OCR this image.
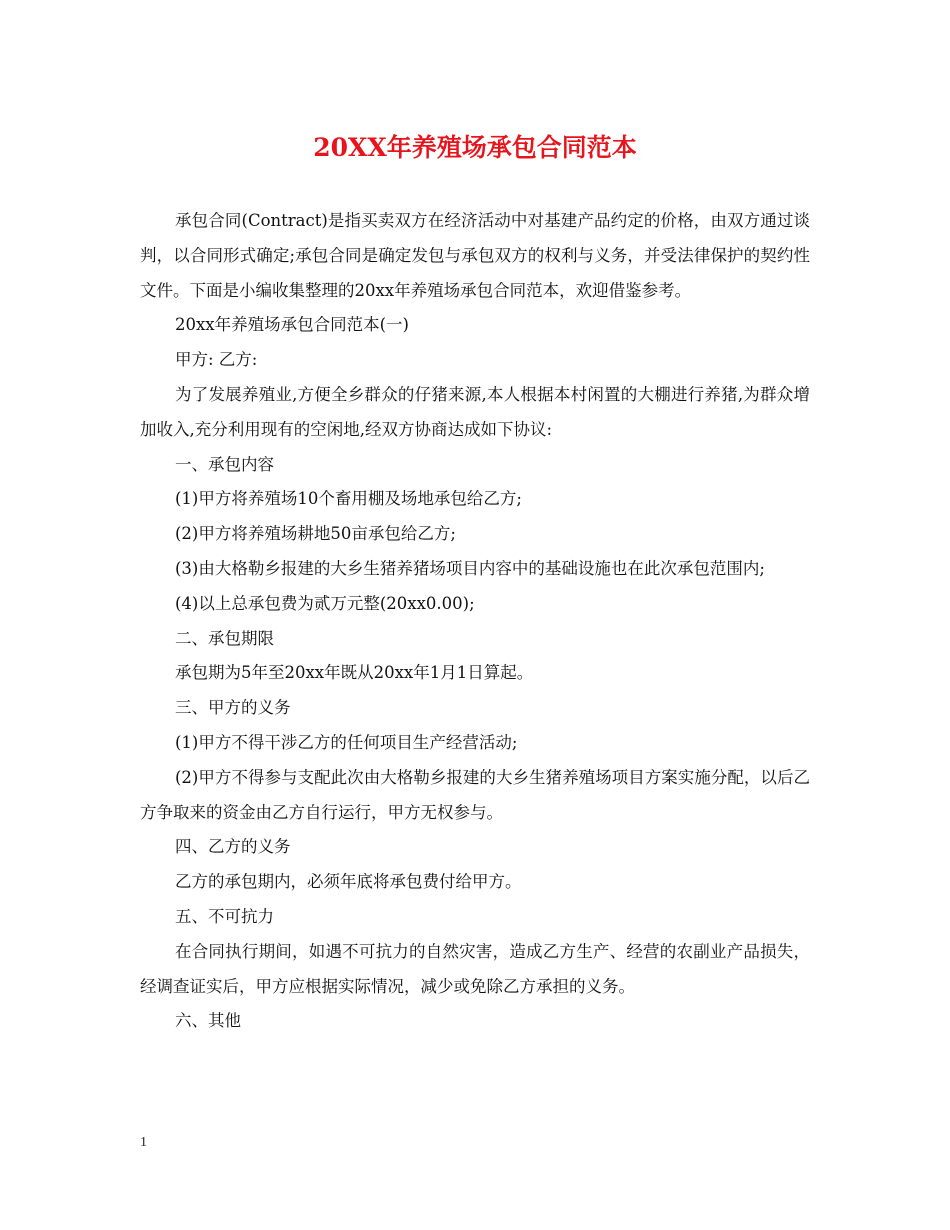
20XX年养殖场承包合同范本

承包合同(Contract)是指买卖双方在经济活动中对基建产品约定的价格，由双方通过谈判，以合同形式确定;承包合同是确定发包与承包双方的权利与义务，并受法律保护的契约性文件。下面是小编收集整理的20xx年养殖场承包合同范本，欢迎借鉴参考。

20xx年养殖场承包合同范本(一)

甲方: 乙方:

为了发展养殖业,方便全乡群众的仔猪来源,本人根据本村闲置的大棚进行养猪,为群众增加收入,充分利用现有的空闲地,经双方协商达成如下协议:

一、承包内容

(1)甲方将养殖场10个畜用棚及场地承包给乙方;

(2)甲方将养殖场耕地50亩承包给乙方;

(3)由大格勒乡报建的大乡生猪养猪场项目内容中的基础设施也在此次承包范围内;

(4)以上总承包费为贰万元整(20xx0.00);

二、承包期限

承包期为5年至20xx年既从20xx年1月1日算起。

三、甲方的义务

(1)甲方不得干涉乙方的任何项目生产经营活动;

(2)甲方不得参与支配此次由大格勒乡报建的大乡生猪养殖场项目方案实施分配，以后乙方争取来的资金由乙方自行运行，甲方无权参与。

四、乙方的义务

乙方的承包期内，必须年底将承包费付给甲方。

五、不可抗力

在合同执行期间，如遇不可抗力的自然灾害，造成乙方生产、经营的农副业产品损失，经调查证实后，甲方应根据实际情况，减少或免除乙方承担的义务。

六、其他

1
